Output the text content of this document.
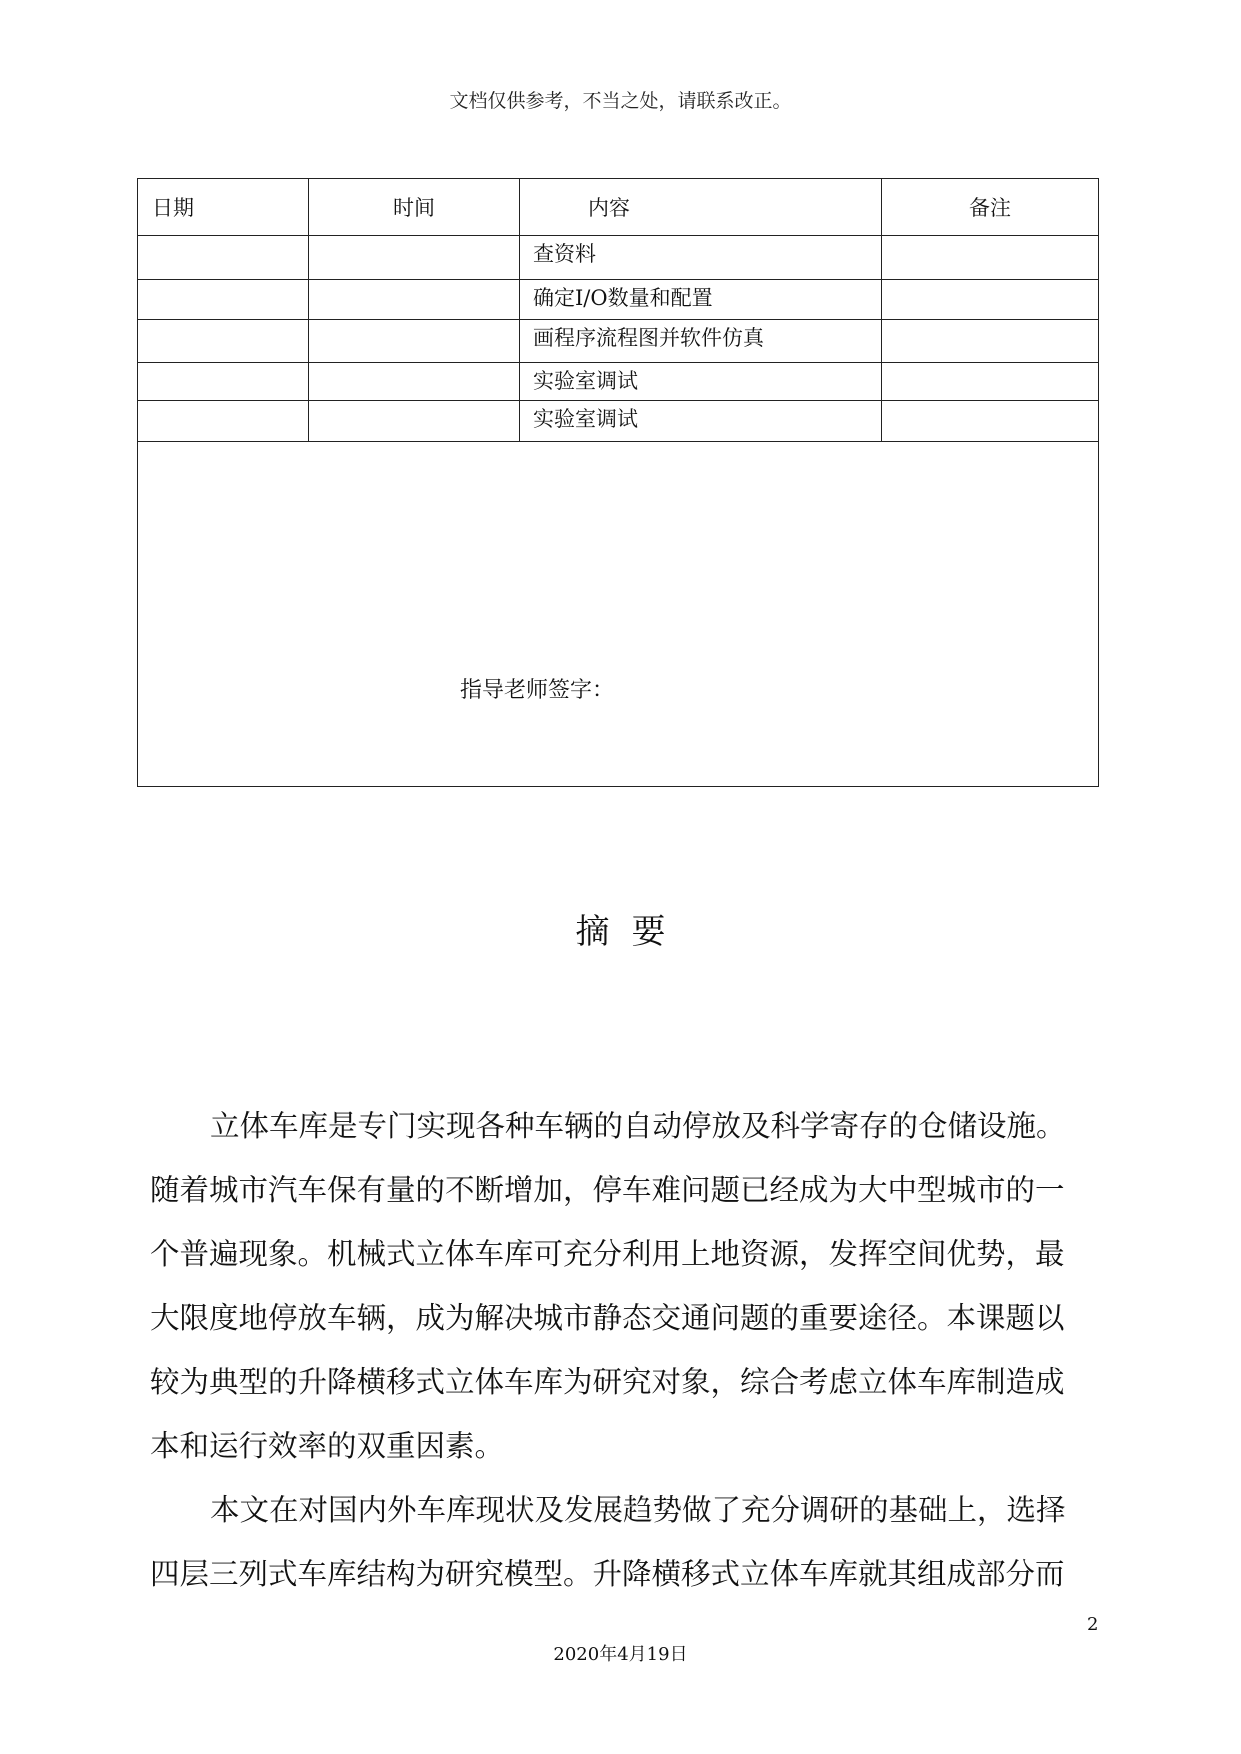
文档仅供参考，不当之处，请联系改正。
日期	时间	内容	备注
		查资料	
		确定I/O数量和配置	
		画程序流程图并软件仿真	
		实验室调试	
		实验室调试	

指导老师签字：			
摘要

立体车库是专门实现各种车辆的自动停放及科学寄存的仓储设施。
随着城市汽车保有量的不断增加，停车难问题已经成为大中型城市的一
个普遍现象。机械式立体车库可充分利用上地资源，发挥空间优势，最
大限度地停放车辆，成为解决城市静态交通问题的重要途径。本课题以
较为典型的升降横移式立体车库为研究对象，综合考虑立体车库制造成
本和运行效率的双重因素。

本文在对国内外车库现状及发展趋势做了充分调研的基础上，选择
四层三列式车库结构为研究模型。升降横移式立体车库就其组成部分而

2
2020年4月19日
